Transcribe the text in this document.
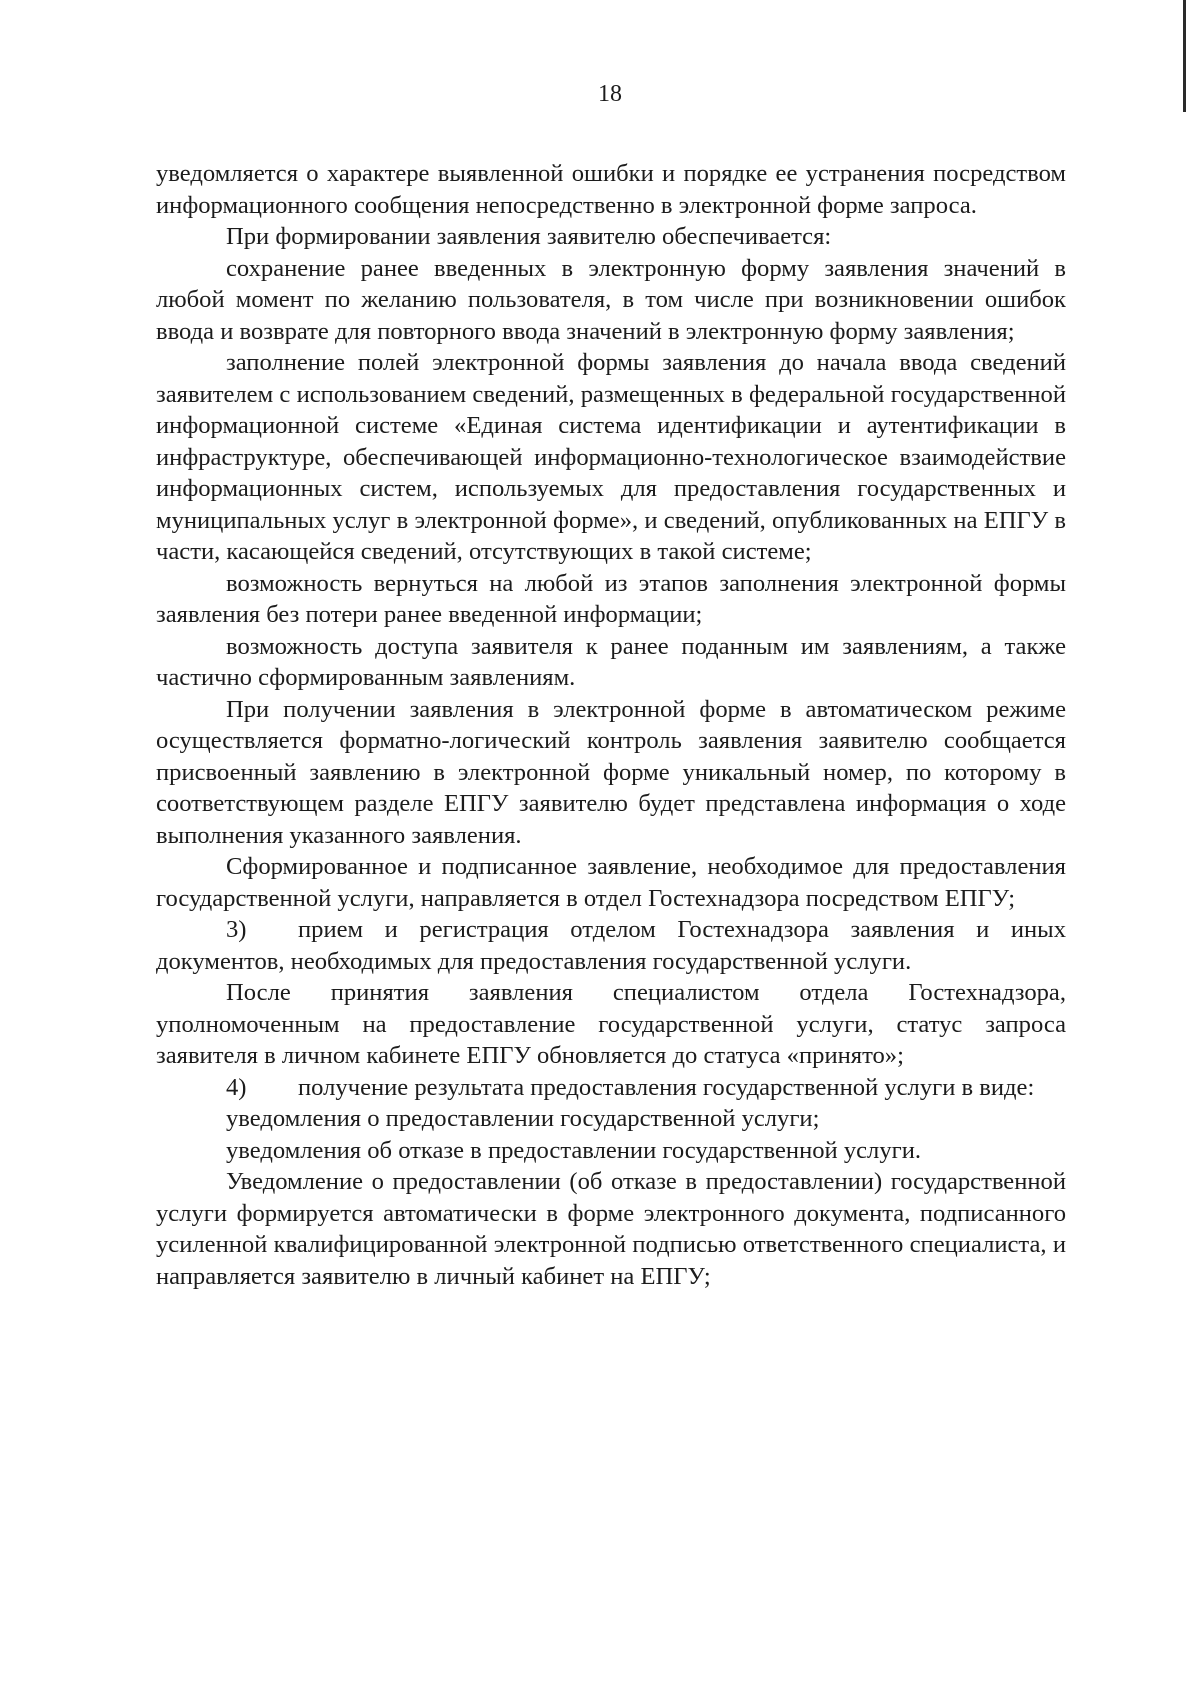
18

уведомляется о характере выявленной ошибки и порядке ее устранения посредством информационного сообщения непосредственно в электронной форме запроса.

При формировании заявления заявителю обеспечивается:

сохранение ранее введенных в электронную форму заявления значений в любой момент по желанию пользователя, в том числе при возникновении ошибок ввода и возврате для повторного ввода значений в электронную форму заявления;

заполнение полей электронной формы заявления до начала ввода сведений заявителем с использованием сведений, размещенных в федеральной государственной информационной системе «Единая система идентификации и аутентификации в инфраструктуре, обеспечивающей информационно-технологическое взаимодействие информационных систем, используемых для предоставления государственных и муниципальных услуг в электронной форме», и сведений, опубликованных на ЕПГУ в части, касающейся сведений, отсутствующих в такой системе;

возможность вернуться на любой из этапов заполнения электронной формы заявления без потери ранее введенной информации;

возможность доступа заявителя к ранее поданным им заявлениям, а также частично сформированным заявлениям.

При получении заявления в электронной форме в автоматическом режиме осуществляется форматно-логический контроль заявления заявителю сообщается присвоенный заявлению в электронной форме уникальный номер, по которому в соответствующем разделе ЕПГУ заявителю будет представлена информация о ходе выполнения указанного заявления.

Сформированное и подписанное заявление, необходимое для предоставления государственной услуги, направляется в отдел Гостехнадзора посредством ЕПГУ;

3) прием и регистрация отделом Гостехнадзора заявления и иных документов, необходимых для предоставления государственной услуги.

После принятия заявления специалистом отдела Гостехнадзора, уполномоченным на предоставление государственной услуги, статус запроса заявителя в личном кабинете ЕПГУ обновляется до статуса «принято»;

4) получение результата предоставления государственной услуги в виде:

уведомления о предоставлении государственной услуги;

уведомления об отказе в предоставлении государственной услуги.

Уведомление о предоставлении (об отказе в предоставлении) государственной услуги формируется автоматически в форме электронного документа, подписанного усиленной квалифицированной электронной подписью ответственного специалиста, и направляется заявителю в личный кабинет на ЕПГУ;
